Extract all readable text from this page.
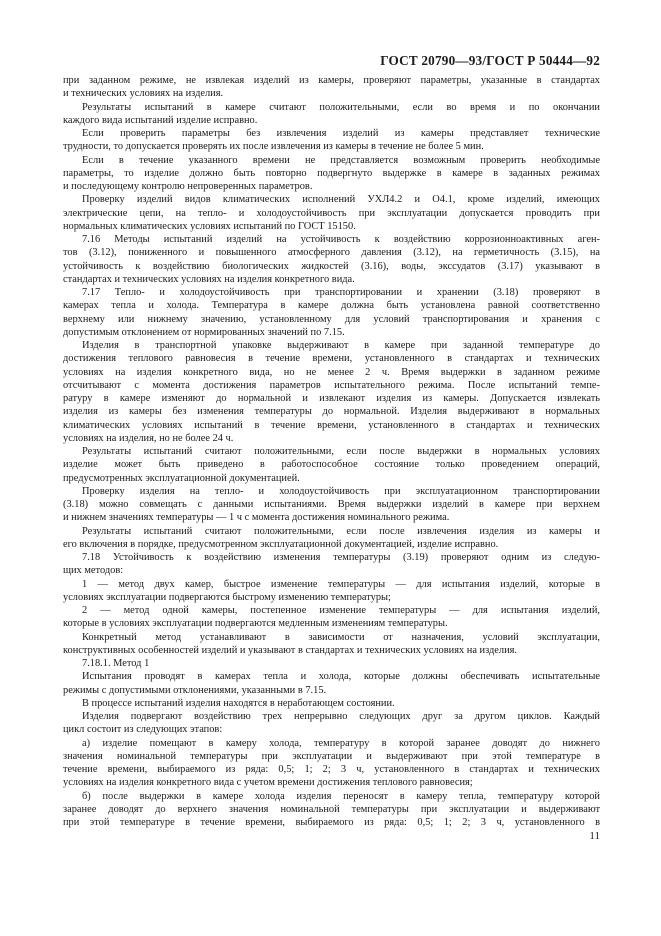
ГОСТ 20790—93/ГОСТ Р 50444—92
при заданном режиме, не извлекая изделий из камеры, проверяют параметры, указанные в стандартах
и технических условиях на изделия.
Результаты испытаний в камере считают положительными, если во время и по окончании
каждого вида испытаний изделие исправно.
Если проверить параметры без извлечения изделий из камеры представляет технические
трудности, то допускается проверять их после извлечения из камеры в течение не более 5 мин.
Если в течение указанного времени не представляется возможным проверить необходимые
параметры, то изделие должно быть повторно подвергнуто выдержке в камере в заданных режимах
и последующему контролю непроверенных параметров.
Проверку изделий видов климатических исполнений УХЛ4.2 и О4.1, кроме изделий, имеющих
электрические цепи, на тепло- и холодоустойчивость при эксплуатации допускается проводить при
нормальных климатических условиях испытаний по ГОСТ 15150.
7.16 Методы испытаний изделий на устойчивость к воздействию коррозионноактивных аген-
тов (3.12), пониженного и повышенного атмосферного давления (3.12), на герметичность (3.15), на
устойчивость к воздействию биологических жидкостей (3.16), воды, экссудатов (3.17) указывают в
стандартах и технических условиях на изделия конкретного вида.
7.17 Тепло- и холодоустойчивость при транспортировании и хранении (3.18) проверяют в
камерах тепла и холода. Температура в камере должна быть установлена равной соответственно
верхнему или нижнему значению, установленному для условий транспортирования и хранения с
допустимым отклонением от нормированных значений по 7.15.
Изделия в транспортной упаковке выдерживают в камере при заданной температуре до
достижения теплового равновесия в течение времени, установленного в стандартах и технических
условиях на изделия конкретного вида, но не менее 2 ч. Время выдержки в заданном режиме
отсчитывают с момента достижения параметров испытательного режима. После испытаний темпе-
ратуру в камере изменяют до нормальной и извлекают изделия из камеры. Допускается извлекать
изделия из камеры без изменения температуры до нормальной. Изделия выдерживают в нормальных
климатических условиях испытаний в течение времени, установленного в стандартах и технических
условиях на изделия, но не более 24 ч.
Результаты испытаний считают положительными, если после выдержки в нормальных условиях
изделие может быть приведено в работоспособное состояние только проведением операций,
предусмотренных эксплуатационной документацией.
Проверку изделия на тепло- и холодоустойчивость при эксплуатационном транспортировании
(3.18) можно совмещать с данными испытаниями. Время выдержки изделий в камере при верхнем
и нижнем значениях температуры — 1 ч с момента достижения номинального режима.
Результаты испытаний считают положительными, если после извлечения изделия из камеры и
его включения в порядке, предусмотренном эксплуатационной документацией, изделие исправно.
7.18 Устойчивость к воздействию изменения температуры (3.19) проверяют одним из следую-
щих методов:
1 — метод двух камер, быстрое изменение температуры — для испытания изделий, которые в
условиях эксплуатации подвергаются быстрому изменению температуры;
2 — метод одной камеры, постепенное изменение температуры — для испытания изделий,
которые в условиях эксплуатации подвергаются медленным изменениям температуры.
Конкретный метод устанавливают в зависимости от назначения, условий эксплуатации,
конструктивных особенностей изделий и указывают в стандартах и технических условиях на изделия.
7.18.1. Метод 1
Испытания проводят в камерах тепла и холода, которые должны обеспечивать испытательные
режимы с допустимыми отклонениями, указанными в 7.15.
В процессе испытаний изделия находятся в неработающем состоянии.
Изделия подвергают воздействию трех непрерывно следующих друг за другом циклов. Каждый
цикл состоит из следующих этапов:
а) изделие помещают в камеру холода, температуру в которой заранее доводят до нижнего
значения номинальной температуры при эксплуатации и выдерживают при этой температуре в
течение времени, выбираемого из ряда: 0,5; 1; 2; 3 ч, установленного в стандартах и технических
условиях на изделия конкретного вида с учетом времени достижения теплового равновесия;
б) после выдержки в камере холода изделия переносят в камеру тепла, температуру которой
заранее доводят до верхнего значения номинальной температуры при эксплуатации и выдерживают
при этой температуре в течение времени, выбираемого из ряда: 0,5; 1; 2; 3 ч, установленного в
11
